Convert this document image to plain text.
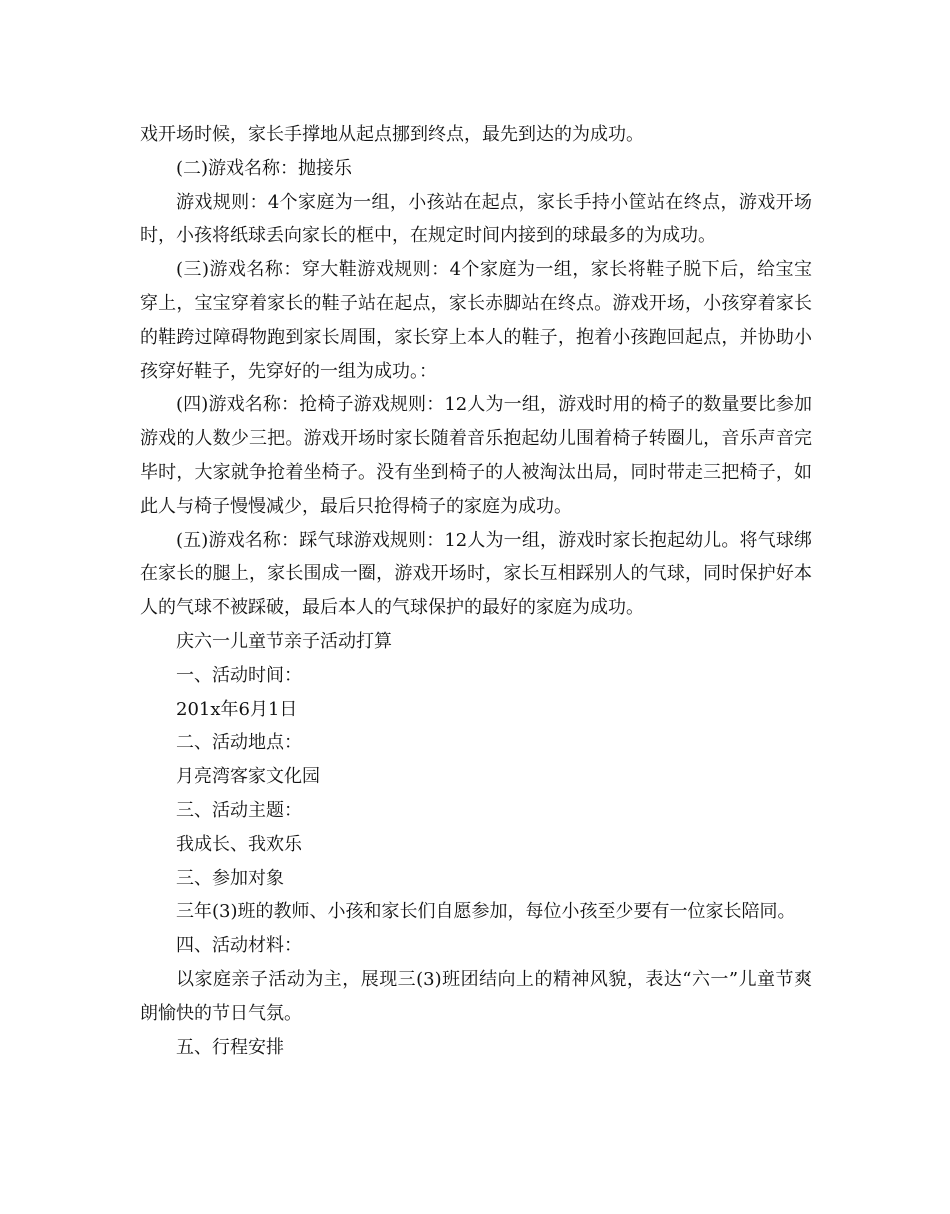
戏开场时候，家长手撑地从起点挪到终点，最先到达的为成功。

(二)游戏名称：抛接乐

游戏规则：4个家庭为一组，小孩站在起点，家长手持小筐站在终点，游戏开场时，小孩将纸球丢向家长的框中，在规定时间内接到的球最多的为成功。

(三)游戏名称：穿大鞋游戏规则：4个家庭为一组，家长将鞋子脱下后，给宝宝穿上，宝宝穿着家长的鞋子站在起点，家长赤脚站在终点。游戏开场，小孩穿着家长的鞋跨过障碍物跑到家长周围，家长穿上本人的鞋子，抱着小孩跑回起点，并协助小孩穿好鞋子，先穿好的一组为成功。：

(四)游戏名称：抢椅子游戏规则：12人为一组，游戏时用的椅子的数量要比参加游戏的人数少三把。游戏开场时家长随着音乐抱起幼儿围着椅子转圈儿，音乐声音完毕时，大家就争抢着坐椅子。没有坐到椅子的人被淘汰出局，同时带走三把椅子，如此人与椅子慢慢减少，最后只抢得椅子的家庭为成功。

(五)游戏名称：踩气球游戏规则：12人为一组，游戏时家长抱起幼儿。将气球绑在家长的腿上，家长围成一圈，游戏开场时，家长互相踩别人的气球，同时保护好本人的气球不被踩破，最后本人的气球保护的最好的家庭为成功。

庆六一儿童节亲子活动打算

一、活动时间：

201x年6月1日

二、活动地点：

月亮湾客家文化园

三、活动主题：

我成长、我欢乐

三、参加对象

三年(3)班的教师、小孩和家长们自愿参加，每位小孩至少要有一位家长陪同。

四、活动材料：

以家庭亲子活动为主，展现三(3)班团结向上的精神风貌，表达“六一”儿童节爽朗愉快的节日气氛。

五、行程安排
